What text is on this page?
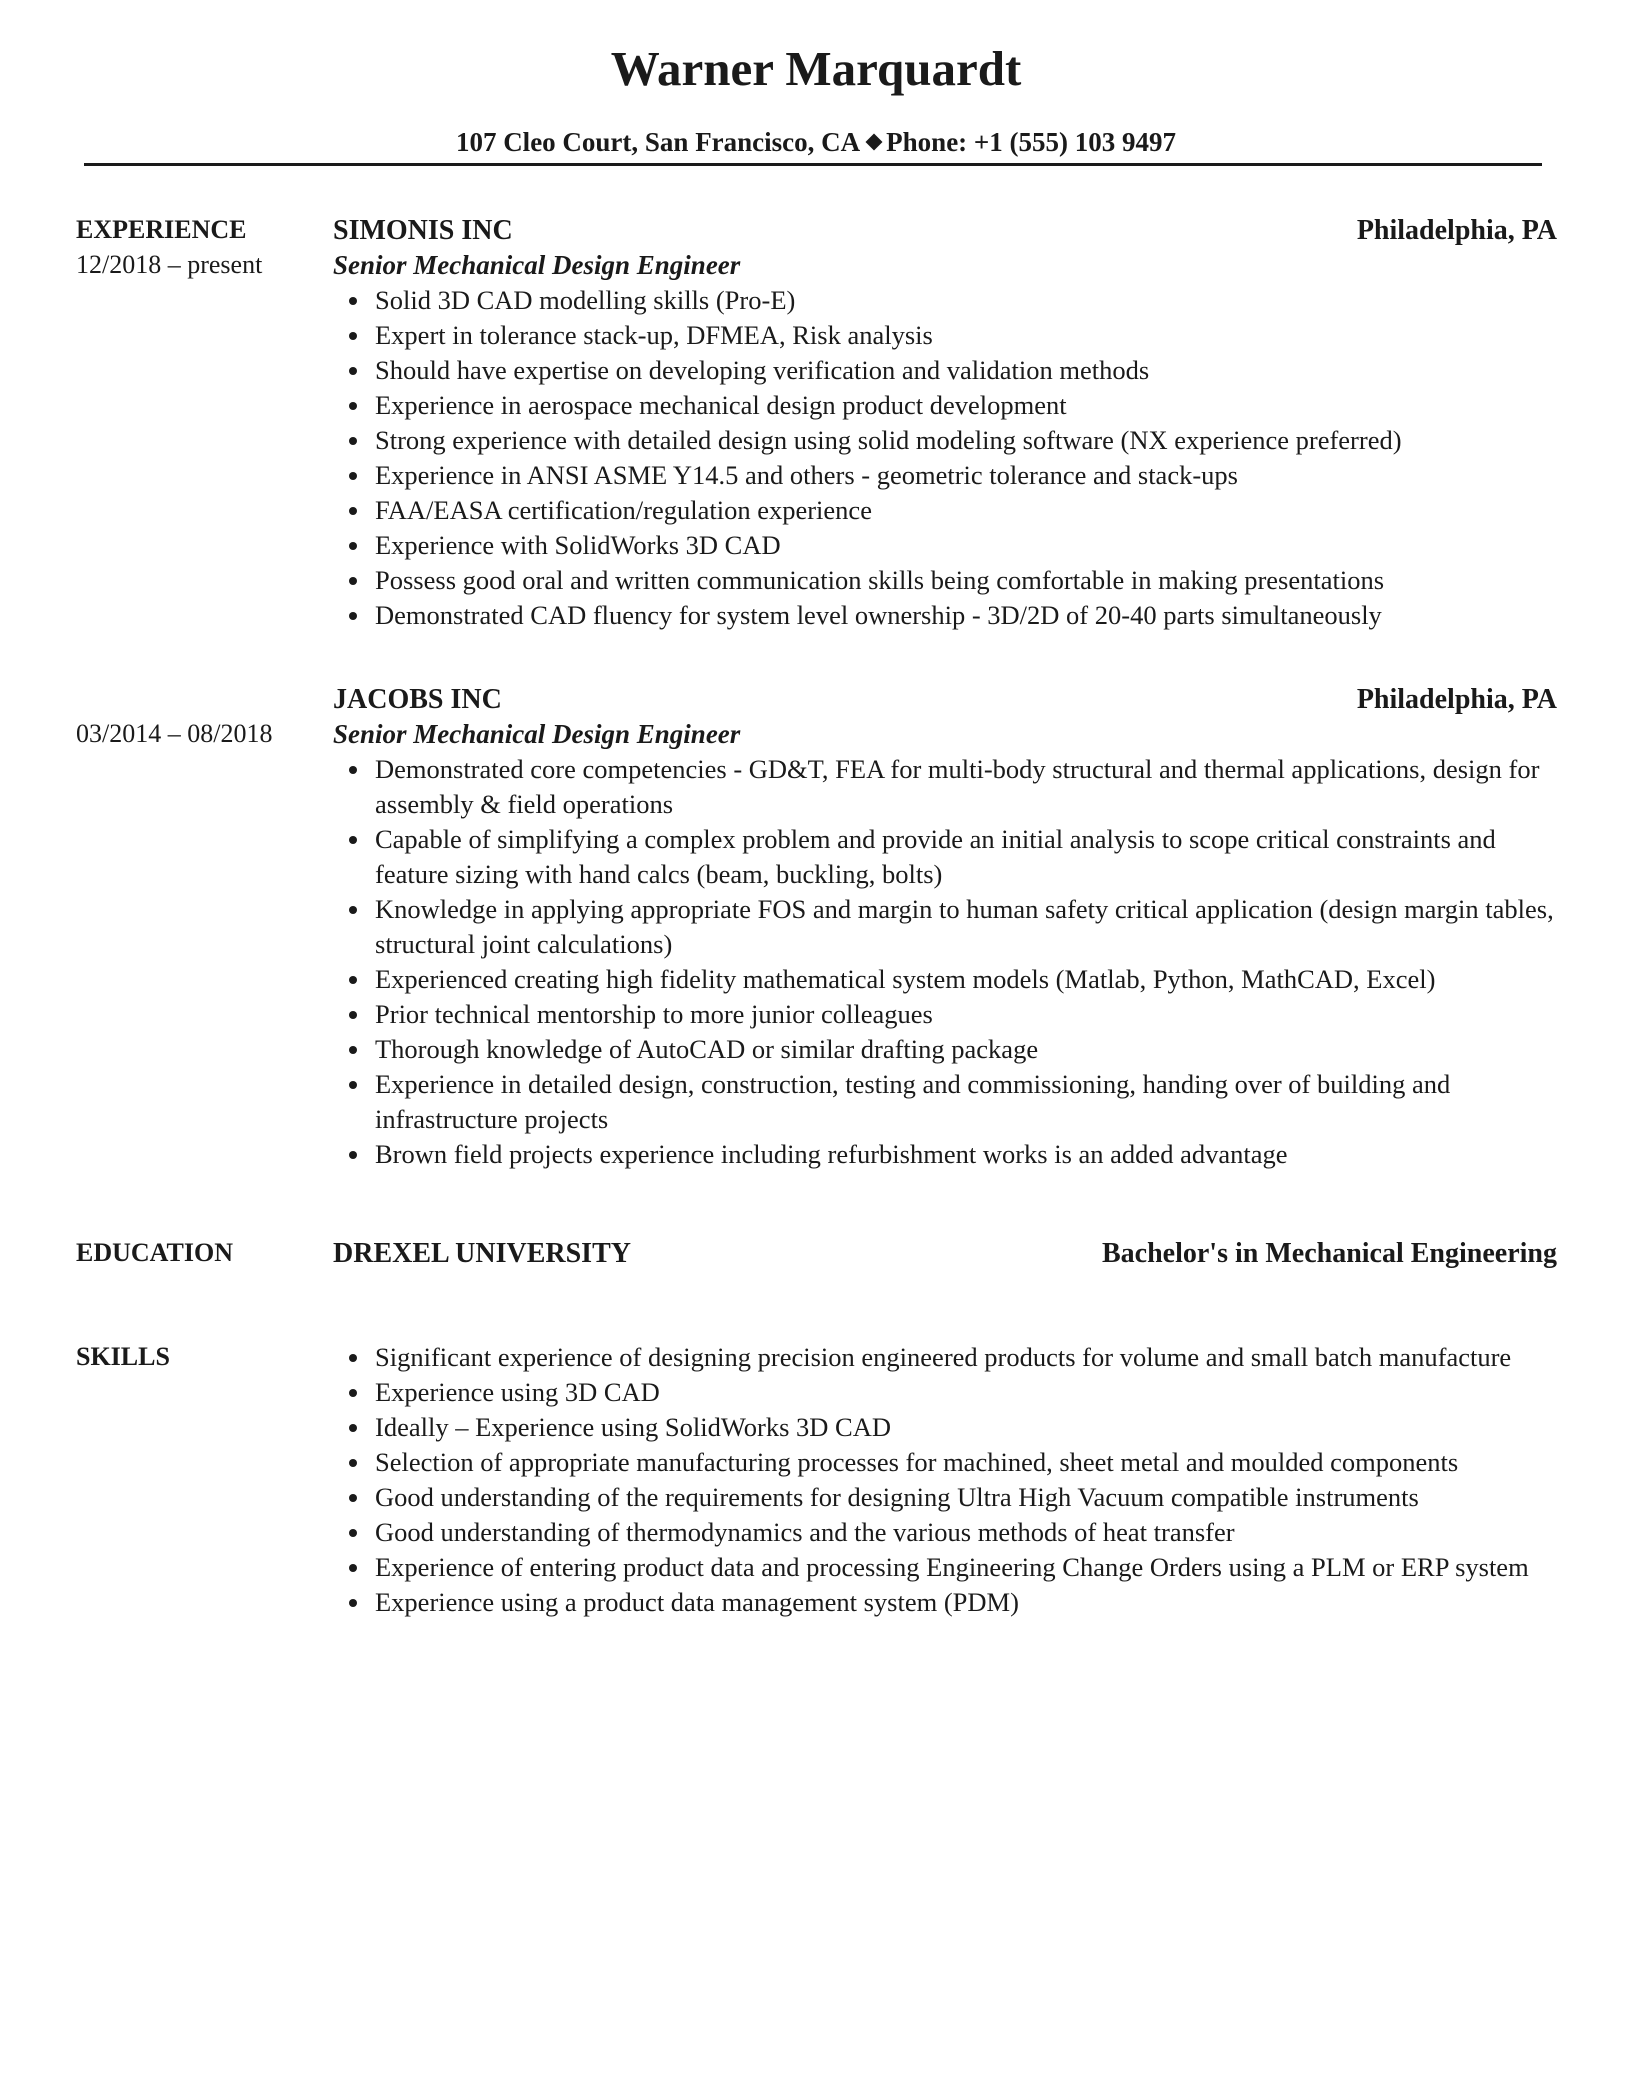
Warner Marquardt
107 Cleo Court, San Francisco, CA Phone: +1 (555) 103 9497
EXPERIENCE
12/2018 – present
SIMONIS INC	Philadelphia, PA
Senior Mechanical Design Engineer
Solid 3D CAD modelling skills (Pro-E)
Expert in tolerance stack-up, DFMEA, Risk analysis
Should have expertise on developing verification and validation methods
Experience in aerospace mechanical design product development
Strong experience with detailed design using solid modeling software (NX experience preferred)
Experience in ANSI ASME Y14.5 and others - geometric tolerance and stack-ups
FAA/EASA certification/regulation experience
Experience with SolidWorks 3D CAD
Possess good oral and written communication skills being comfortable in making presentations
Demonstrated CAD fluency for system level ownership - 3D/2D of 20-40 parts simultaneously
03/2014 – 08/2018
JACOBS INC	Philadelphia, PA
Senior Mechanical Design Engineer
Demonstrated core competencies - GD&T, FEA for multi-body structural and thermal applications, design for assembly & field operations
Capable of simplifying a complex problem and provide an initial analysis to scope critical constraints and feature sizing with hand calcs (beam, buckling, bolts)
Knowledge in applying appropriate FOS and margin to human safety critical application (design margin tables, structural joint calculations)
Experienced creating high fidelity mathematical system models (Matlab, Python, MathCAD, Excel)
Prior technical mentorship to more junior colleagues
Thorough knowledge of AutoCAD or similar drafting package
Experience in detailed design, construction, testing and commissioning, handing over of building and infrastructure projects
Brown field projects experience including refurbishment works is an added advantage
EDUCATION	DREXEL UNIVERSITY	Bachelor's in Mechanical Engineering
SKILLS	Significant experience of designing precision engineered products for volume and small batch manufacture
Experience using 3D CAD
Ideally – Experience using SolidWorks 3D CAD
Selection of appropriate manufacturing processes for machined, sheet metal and moulded components
Good understanding of the requirements for designing Ultra High Vacuum compatible instruments
Good understanding of thermodynamics and the various methods of heat transfer
Experience of entering product data and processing Engineering Change Orders using a PLM or ERP system
Experience using a product data management system (PDM)
